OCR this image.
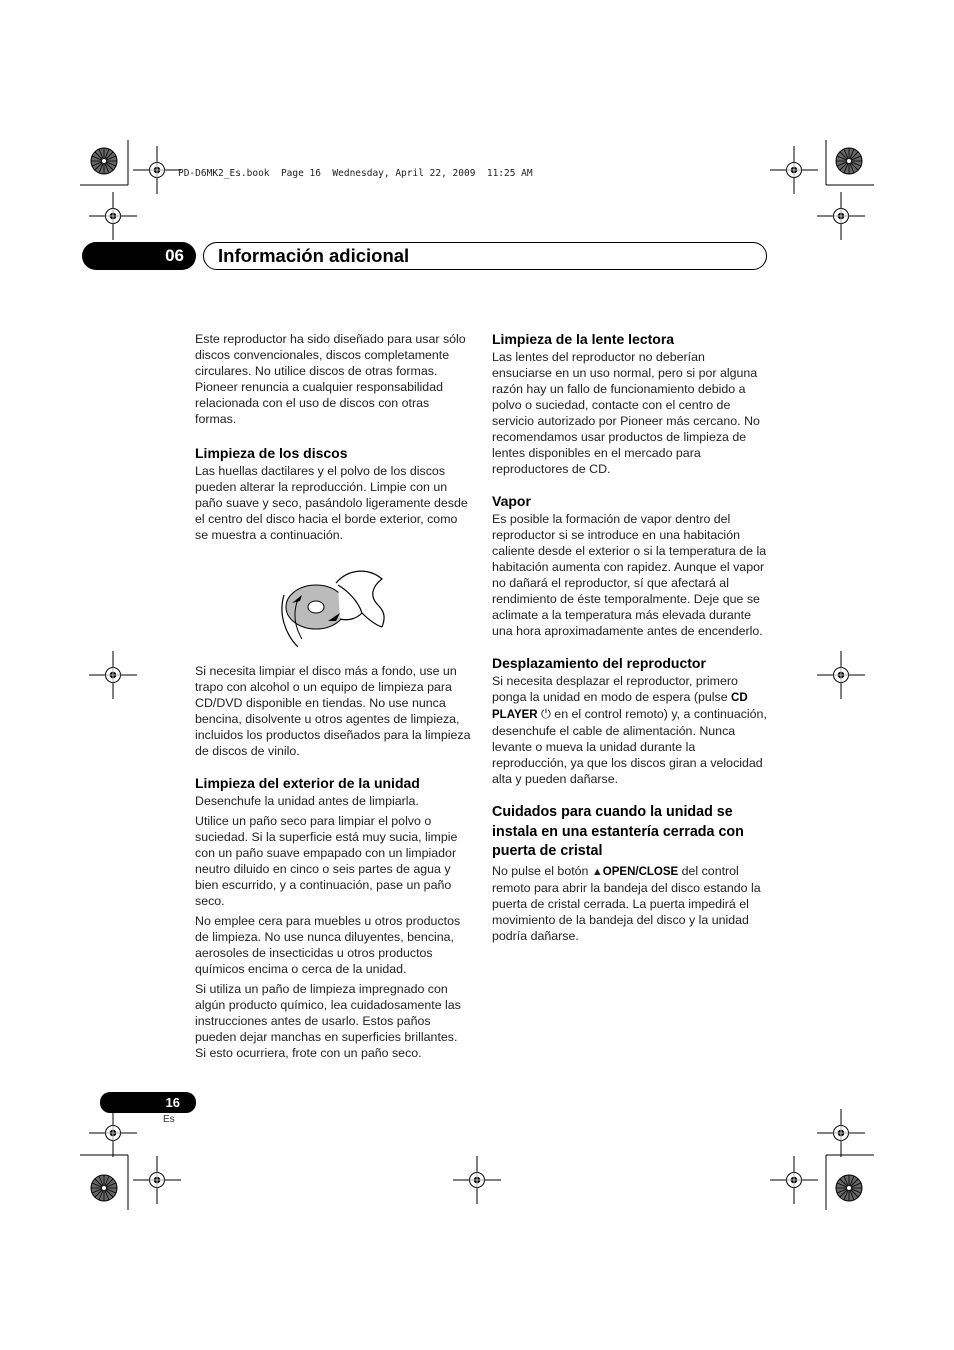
PD-D6MK2_Es.book  Page 16  Wednesday, April 22, 2009  11:25 AM
06	Información adicional

Este reproductor ha sido diseñado para usar sólo discos convencionales, discos completamente circulares. No utilice discos de otras formas. Pioneer renuncia a cualquier responsabilidad relacionada con el uso de discos con otras formas.

Limpieza de los discos

Las huellas dactilares y el polvo de los discos pueden alterar la reproducción. Limpie con un paño suave y seco, pasándolo ligeramente desde el centro del disco hacia el borde exterior, como se muestra a continuación.

Si necesita limpiar el disco más a fondo, use un trapo con alcohol o un equipo de limpieza para CD/DVD disponible en tiendas. No use nunca bencina, disolvente u otros agentes de limpieza, incluidos los productos diseñados para la limpieza de discos de vinilo.

Limpieza del exterior de la unidad

Desenchufe la unidad antes de limpiarla.

Utilice un paño seco para limpiar el polvo o suciedad. Si la superficie está muy sucia, limpie con un paño suave empapado con un limpiador neutro diluido en cinco o seis partes de agua y bien escurrido, y a continuación, pase un paño seco.

No emplee cera para muebles u otros productos de limpieza. No use nunca diluyentes, bencina, aerosoles de insecticidas u otros productos químicos encima o cerca de la unidad.

Si utiliza un paño de limpieza impregnado con algún producto químico, lea cuidadosamente las instrucciones antes de usarlo. Estos paños pueden dejar manchas en superficies brillantes. Si esto ocurriera, frote con un paño seco.

Limpieza de la lente lectora

Las lentes del reproductor no deberían ensuciarse en un uso normal, pero si por alguna razón hay un fallo de funcionamiento debido a polvo o suciedad, contacte con el centro de servicio autorizado por Pioneer más cercano. No recomendamos usar productos de limpieza de lentes disponibles en el mercado para reproductores de CD.

Vapor

Es posible la formación de vapor dentro del reproductor si se introduce en una habitación caliente desde el exterior o si la temperatura de la habitación aumenta con rapidez. Aunque el vapor no dañará el reproductor, sí que afectará al rendimiento de éste temporalmente. Deje que se aclimate a la temperatura más elevada durante una hora aproximadamente antes de encenderlo.

Desplazamiento del reproductor

Si necesita desplazar el reproductor, primero ponga la unidad en modo de espera (pulse CD PLAYER ⏻ en el control remoto) y, a continuación, desenchufe el cable de alimentación. Nunca levante o mueva la unidad durante la reproducción, ya que los discos giran a velocidad alta y pueden dañarse.

Cuidados para cuando la unidad se instala en una estantería cerrada con puerta de cristal

No pulse el botón ▲OPEN/CLOSE del control remoto para abrir la bandeja del disco estando la puerta de cristal cerrada. La puerta impedirá el movimiento de la bandeja del disco y la unidad podría dañarse.

16
Es
